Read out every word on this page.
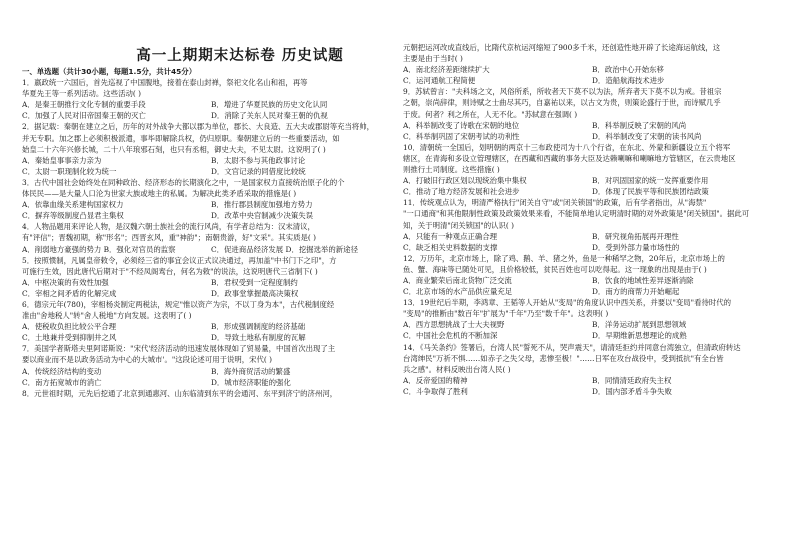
高一上期期末达标卷 历史试题

一、单选题（共计30小题，每题1.5分，共计45分）

1．嬴政统一六国后，首先巡视了中国腹地，接着在泰山封禅，祭祀文化名山和祖，再等

华夏先王等一系列活动。这些活动( )

A．是秦王朝推行文化专制的重要手段	B．增进了华夏民族的历史文化认同
C．加强了人民对旧帝国秦王朝的灭亡	D．消除了关东人民对秦王朝的仇视

2．据记载：秦朝在建立之后，历年的对外战争大都以郡为单位，郡长、大良造、五大夫或郡尉等充当将帅，

并无专职。加之郡上必须积极派遣，事毕即解除兵权，仍归原职。秦朝建立后的一些重要活动，如

始皇二十六年兴修长城，二十八年琅邪石刻，也只有丞相，御史大夫，不见太尉。这说明了( )

A．秦始皇事事亲力亲为	B．太尉不参与其他政事讨论
C．太尉一职现制化较为统一	D．文官记录的同借度比较统

3．古代中国社会始终处在同种政治、经济形态的长期演化之中，一是国家权力直接统治原子化的个

体民民——是大量人口沦为世家大族或地主的私属。为解决此类矛盾采取的措施是( )

A．依靠血缘关系建构国家权力	B．推行郡县制度加强地方势力
C．摒弃等级制度凸显君主集权	D．改革中央官制减少决策失误

4．人物品题用来评论人物，是汉魏六朝士族社会的流行风尚，有学者总结为：汉末清议，

有"评信"；晋魏初期，称"形名"；西晋玄风，重"神韵"；南朝贵游，好"文采"。其实质是( )

A．削弱地方豪强的势力 B．强化对官员的监察	C．促进商品经济发展 D．挖掘选举的新途径

5．按照惯制，凡属皇帝敕令，必须经三省的事宜会议正式议决通过，再加盖"中书门下之印"，方

可施行生效，因此唐代后期对于"不经凤阁鸾台，何名为敕"的说法，这说明唐代三省制下( )

A．中枢决策的有效性加强	B．君权受到一定程度制约
C．宰相之间矛盾的化解完成	D．政事堂掌握最高决策权

6．德宗元年(780)，宰相杨炎制定两税法，规定"惟以资产为宗，不以丁身为本"，古代税制度经

准由"舍地税人"转"舍人税地"方向发展。这表明了( )

A．使税收负担比较公平合理	B．形成强调制度的经济基础
C．土地兼并受到抑制井之风	D．导致土地私有制度的瓦解

7．美国学者斯塔夫里阿诺斯说："宋代'经济活动的迅速发展体现如了贸易量，中国首次出现了主

要以商业而不是以政务活动为中心的大城市'。"这段论述可用于说明，宋代( )

A．传统经济结构的变动	B．海外商贸活动的繁盛
C．南方拓宽城市的消亡	D．城市经济职能的强化

8．元世祖时期，元先后挖通了北京到通惠河、山东临清到东平的会通河、东平到济宁的济州河，

元朝把运河改成直线后，比隋代京杭运河缩短了900多千米，还创造性地开辟了长途海运航线，这

主要是由于当时( )

A．南北经济差距继续扩大	B．政治中心开始东移
C．运河通航工程简便	D．造船航海技术进步

9．苏轼曾言："夫科场之文，风俗所系，所收者天下莫不以为法，所弃者天下莫不以为戒。昔祖宗

之朝，崇尚辞律，则诗赋之士曲尽其巧，自嘉祐以来，以古文为贵，则策论盛行于世，而诗赋几乎

于废。何者？利之所在，人无不化。"苏轼意在强调( )

A．科举制改变了诗歌在宋朝的地位	B．科举制反映了宋朝的风尚
C．科举制巩固了宋朝考试的功利性	D．科举制改变了宋朝的读书风尚

10．清朝统一全国后，划明朝的两京十三布政使司为十八个行省，在东北、外蒙和新疆设立五个将军

辖区，在青海和多设立管理辖区，在西藏和西藏的事务大臣及达赖喇嘛和喇嘛地方管辖区，在云贵地区

则推行土司制度。这些措施( )

A．打破旧行政区划以现统治集中集权	B．对巩固国家的统一发挥重要作用
C．推动了地方经济发展和社会进步	D．体现了民族平等和民族团结政策

11．传统观点认为，明清严格执行"闭关自守"或"闭关锁国"的政策，后有学者指出，从"海禁"

"一口通商"和其他限制性政策及政策效果来看，不能简单地认定明清时期的对外政策是"闭关锁国"。据此可

知，关于明清"闭关锁国"的认识( )

A．只能有一种观点正确合理	B．研究视角拓展再开理性
C．缺乏相关史料数据的支撑	D．受到外部力量市场性的

12．万历年，北京市场上，除了鸡、鹅、羊、猪之外，鱼是一种稀罕之物，20年后，北京市场上的

鱼、蟹、海味等已随处可见，且价格较低，贫民百姓也可以吃得起。这一现象的出现是由于( )

A．商业繁荣后南北货物广泛交流	B．饮食的地域性差异逐渐消除
C．北京市场的水产品供应量充足	D．南方的商帮力开始崛起

13．19世纪后半期，李鸿章、王韬等人开始从"变局"的角度认识中西关系，并要以"变局"看待时代的

"变局"的推断由"数百年"扩展为"千年"乃至"数千年"。这表明( )

A．西方思想挑战了士大夫视野	B．洋务运动扩展到思想领域
C．中国社会危机的不断加深	D．早期维新思想理论的成熟

14．《马关条约》签署后，台湾人民"誓死不从，哭声震天"，请清廷拒约并同意台湾独立，但清政府转达

台湾绅民"万祈不惧……如赤子之失父母，悲惨至极！"……日军在攻台战役中，受到抵抗"有全台皆

兵之感"。材料反映出台湾人民( )

A．反帝爱国的精神	B．同情清廷政府失主权
C．斗争取得了胜利	D．国内部矛盾斗争失败
